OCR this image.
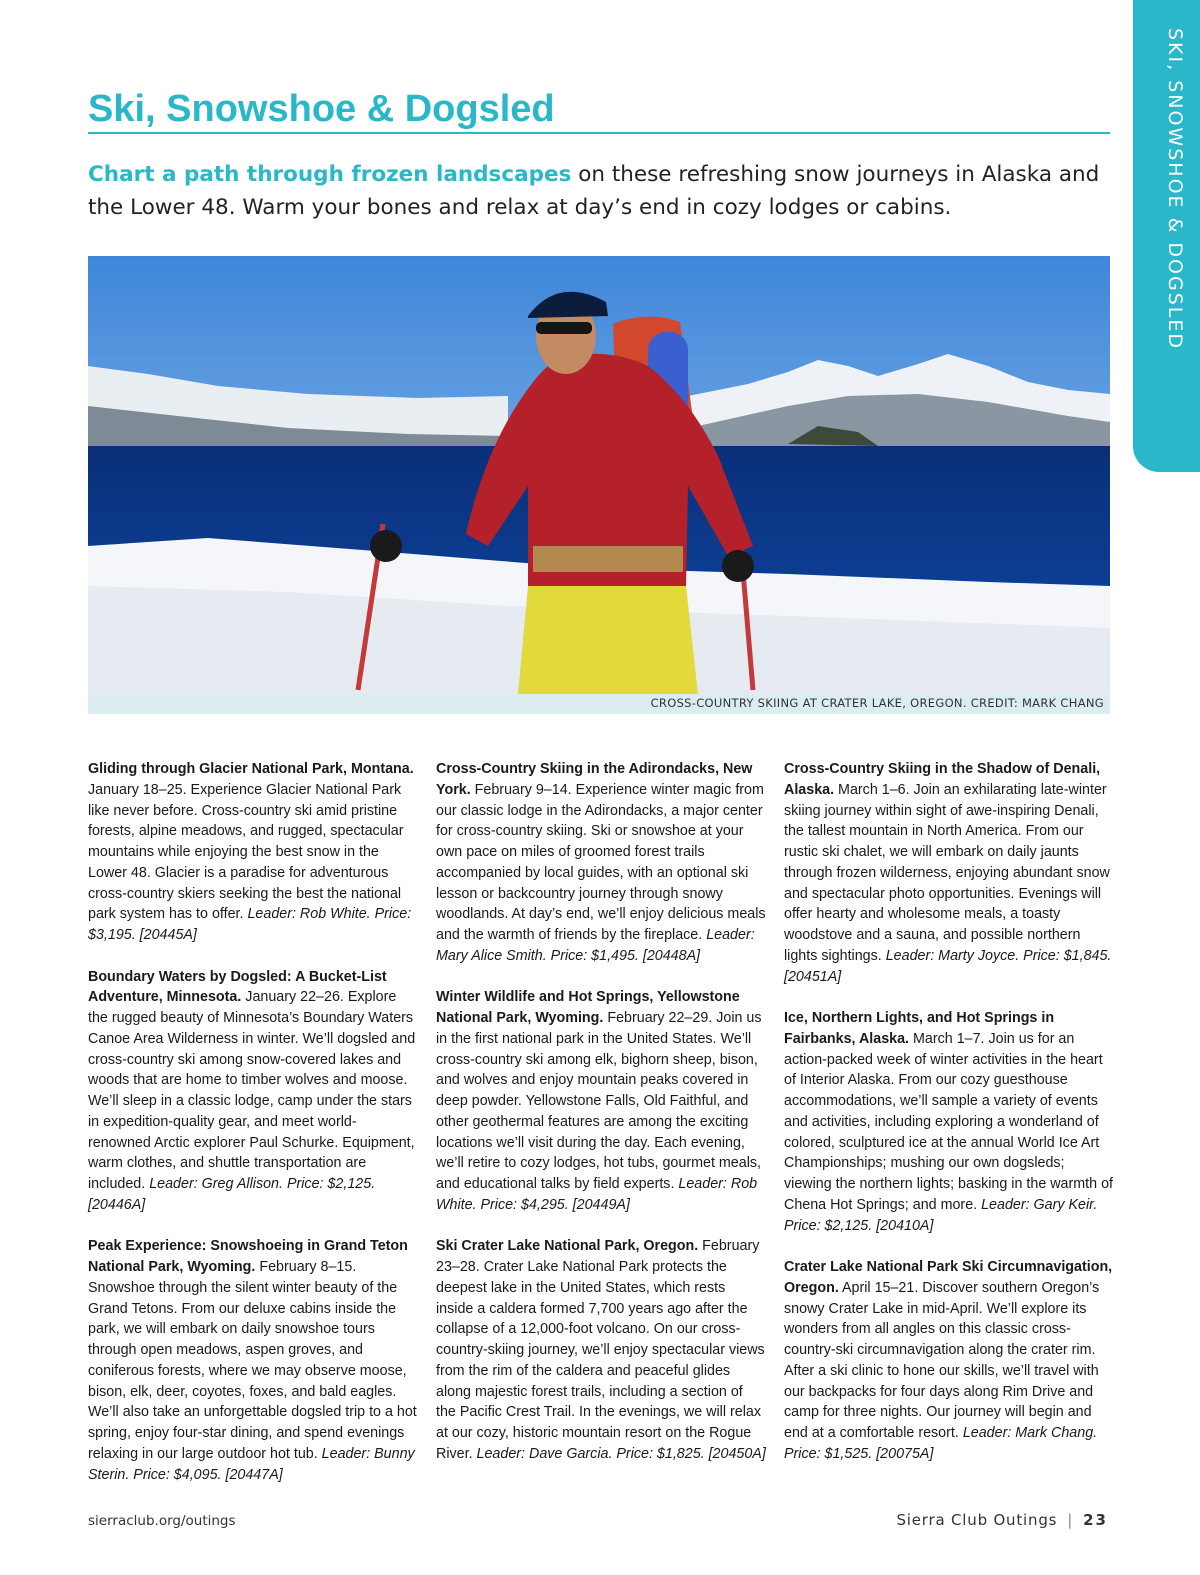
SKI, SNOWSHOE & DOGSLED
Ski, Snowshoe & Dogsled

Chart a path through frozen landscapes on these refreshing snow journeys in Alaska and the Lower 48. Warm your bones and relax at day’s end in cozy lodges or cabins.

CROSS-COUNTRY SKIING AT CRATER LAKE, OREGON. CREDIT: MARK CHANG

Gliding through Glacier National Park, Montana. January 18–25. Experience Glacier National Park like never before. Cross-country ski amid pristine forests, alpine meadows, and rugged, spectacular mountains while enjoying the best snow in the Lower 48. Glacier is a paradise for adventurous cross-country skiers seeking the best the national park system has to offer. Leader: Rob White. Price: $3,195. [20445A]

Boundary Waters by Dogsled: A Bucket-List Adventure, Minnesota. January 22–26. Explore the rugged beauty of Minnesota’s Boundary Waters Canoe Area Wilderness in winter. We’ll dogsled and cross-country ski among snow-covered lakes and woods that are home to timber wolves and moose. We’ll sleep in a classic lodge, camp under the stars in expedition-quality gear, and meet world-renowned Arctic explorer Paul Schurke. Equipment, warm clothes, and shuttle transportation are included. Leader: Greg Allison. Price: $2,125. [20446A]

Peak Experience: Snowshoeing in Grand Teton National Park, Wyoming. February 8–15. Snowshoe through the silent winter beauty of the Grand Tetons. From our deluxe cabins inside the park, we will embark on daily snowshoe tours through open meadows, aspen groves, and coniferous forests, where we may observe moose, bison, elk, deer, coyotes, foxes, and bald eagles. We’ll also take an unforgettable dogsled trip to a hot spring, enjoy four-star dining, and spend evenings relaxing in our large outdoor hot tub. Leader: Bunny Sterin. Price: $4,095. [20447A]

Cross-Country Skiing in the Adirondacks, New York. February 9–14. Experience winter magic from our classic lodge in the Adirondacks, a major center for cross-country skiing. Ski or snowshoe at your own pace on miles of groomed forest trails accompanied by local guides, with an optional ski lesson or backcountry journey through snowy woodlands. At day’s end, we’ll enjoy delicious meals and the warmth of friends by the fireplace. Leader: Mary Alice Smith. Price: $1,495. [20448A]

Winter Wildlife and Hot Springs, Yellowstone National Park, Wyoming. February 22–29. Join us in the first national park in the United States. We’ll cross-country ski among elk, bighorn sheep, bison, and wolves and enjoy mountain peaks covered in deep powder. Yellowstone Falls, Old Faithful, and other geothermal features are among the exciting locations we’ll visit during the day. Each evening, we’ll retire to cozy lodges, hot tubs, gourmet meals, and educational talks by field experts. Leader: Rob White. Price: $4,295. [20449A]

Ski Crater Lake National Park, Oregon. February 23–28. Crater Lake National Park protects the deepest lake in the United States, which rests inside a caldera formed 7,700 years ago after the collapse of a 12,000-foot volcano. On our cross-country-skiing journey, we’ll enjoy spectacular views from the rim of the caldera and peaceful glides along majestic forest trails, including a section of the Pacific Crest Trail. In the evenings, we will relax at our cozy, historic mountain resort on the Rogue River. Leader: Dave Garcia. Price: $1,825. [20450A]

Cross-Country Skiing in the Shadow of Denali, Alaska. March 1–6. Join an exhilarating late-winter skiing journey within sight of awe-inspiring Denali, the tallest mountain in North America. From our rustic ski chalet, we will embark on daily jaunts through frozen wilderness, enjoying abundant snow and spectacular photo opportunities. Evenings will offer hearty and wholesome meals, a toasty woodstove and a sauna, and possible northern lights sightings. Leader: Marty Joyce. Price: $1,845. [20451A]

Ice, Northern Lights, and Hot Springs in Fairbanks, Alaska. March 1–7. Join us for an action-packed week of winter activities in the heart of Interior Alaska. From our cozy guesthouse accommodations, we’ll sample a variety of events and activities, including exploring a wonderland of colored, sculptured ice at the annual World Ice Art Championships; mushing our own dogsleds; viewing the northern lights; basking in the warmth of Chena Hot Springs; and more. Leader: Gary Keir. Price: $2,125. [20410A]

Crater Lake National Park Ski Circumnavigation, Oregon. April 15–21. Discover southern Oregon’s snowy Crater Lake in mid-April. We’ll explore its wonders from all angles on this classic cross-country-ski circumnavigation along the crater rim. After a ski clinic to hone our skills, we’ll travel with our backpacks for four days along Rim Drive and camp for three nights. Our journey will begin and end at a comfortable resort. Leader: Mark Chang. Price: $1,525. [20075A]

sierraclub.org/outings	Sierra Club Outings | 23
